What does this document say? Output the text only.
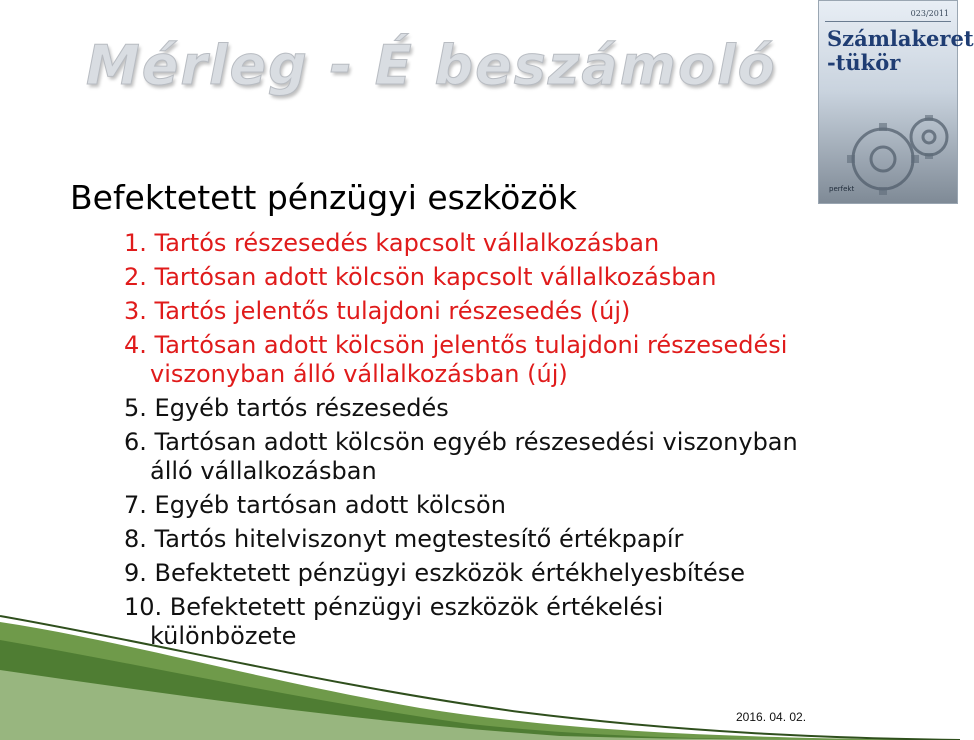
Mérleg - É beszámoló
023/2011
Számlakeret
-tükör
perfekt
Befektetett pénzügyi eszközök
1. Tartós részesedés kapcsolt vállalkozásban
2. Tartósan adott kölcsön kapcsolt vállalkozásban
3. Tartós jelentős tulajdoni részesedés (új)
4. Tartósan adott kölcsön jelentős tulajdoni részesedési
viszonyban álló vállalkozásban (új)
5. Egyéb tartós részesedés
6. Tartósan adott kölcsön egyéb részesedési viszonyban
álló vállalkozásban
7. Egyéb tartósan adott kölcsön
8. Tartós hitelviszonyt megtestesítő értékpapír
9. Befektetett pénzügyi eszközök értékhelyesbítése
10. Befektetett pénzügyi eszközök értékelési
különbözete
2016. 04. 02.
